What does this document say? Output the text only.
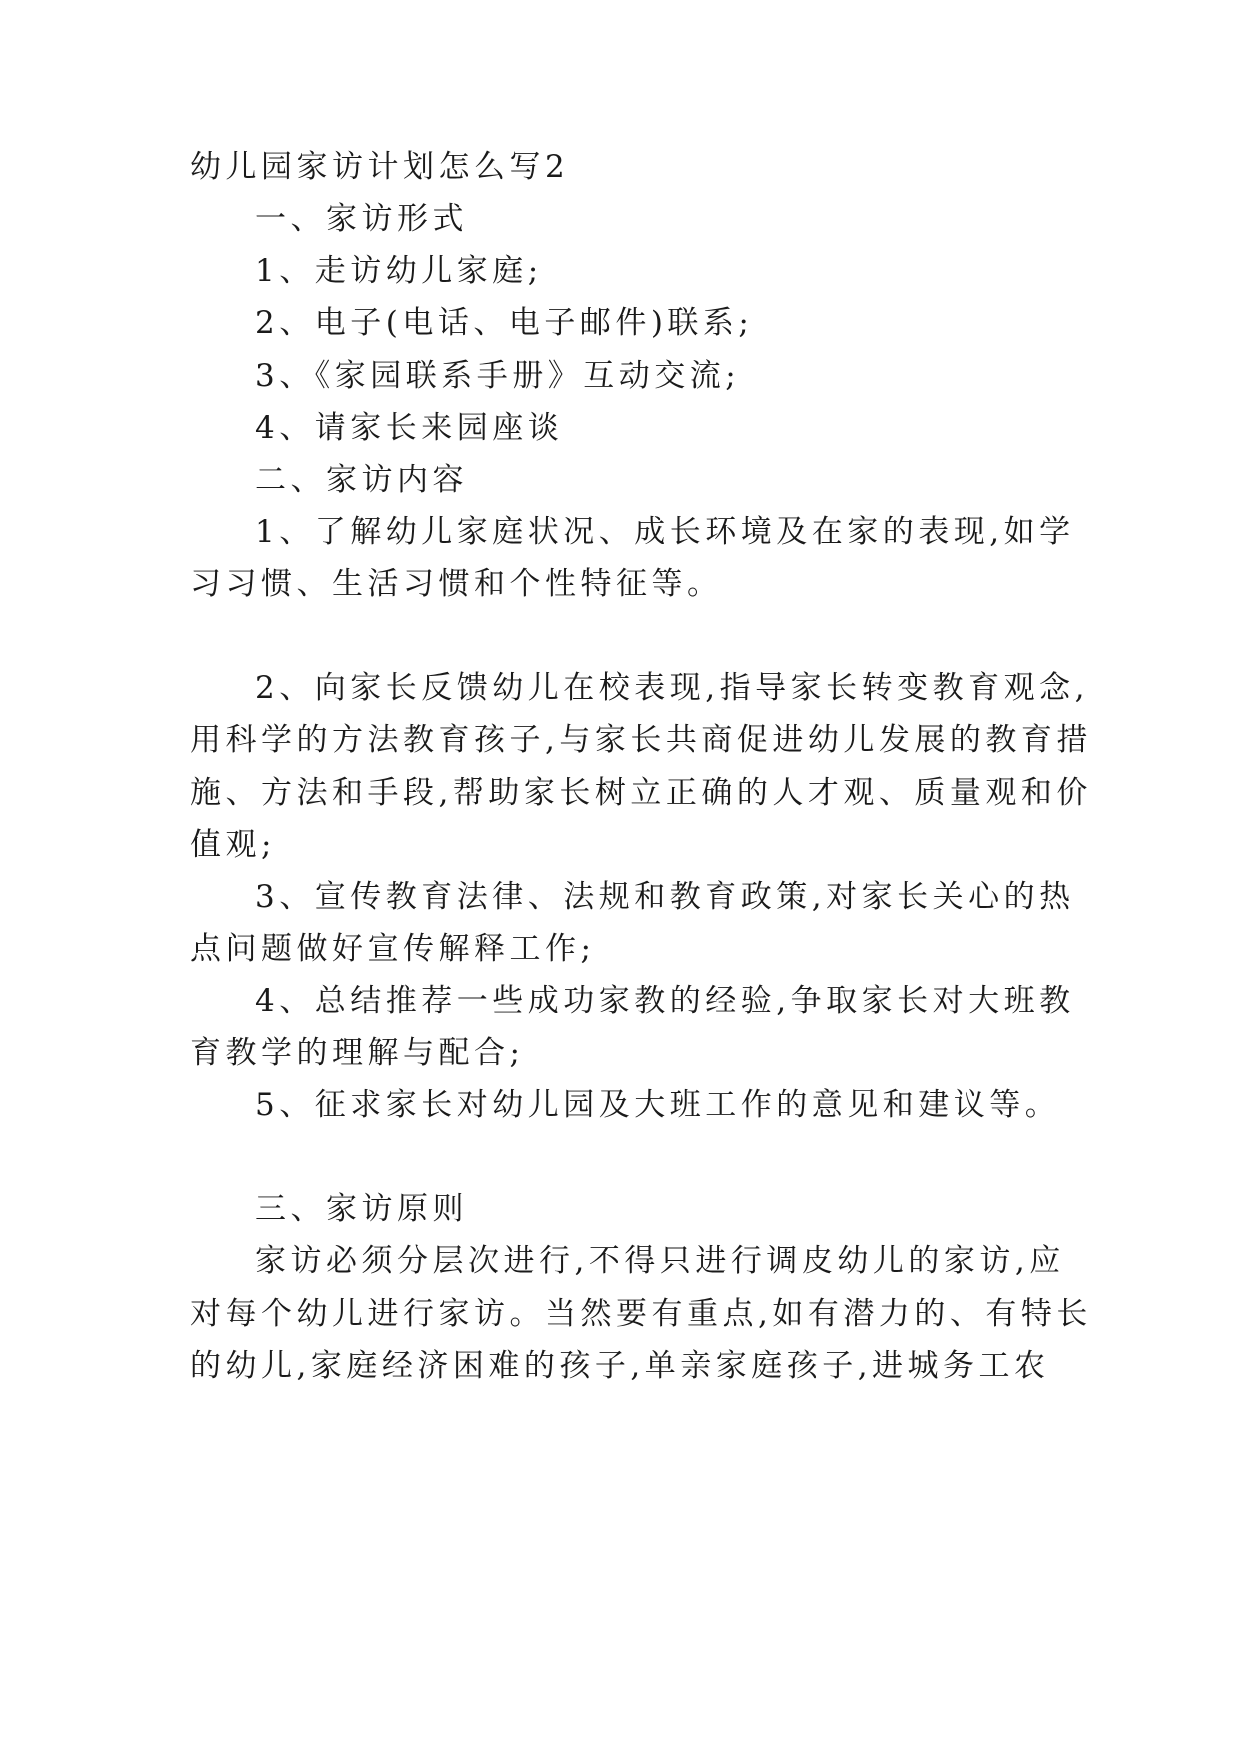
幼儿园家访计划怎么写2
一、家访形式
1、走访幼儿家庭;
2、电子(电话、电子邮件)联系;
3、《家园联系手册》互动交流;
4、请家长来园座谈
二、家访内容
1、了解幼儿家庭状况、成长环境及在家的表现,如学
习习惯、生活习惯和个性特征等。
2、向家长反馈幼儿在校表现,指导家长转变教育观念,
用科学的方法教育孩子,与家长共商促进幼儿发展的教育措
施、方法和手段,帮助家长树立正确的人才观、质量观和价
值观;
3、宣传教育法律、法规和教育政策,对家长关心的热
点问题做好宣传解释工作;
4、总结推荐一些成功家教的经验,争取家长对大班教
育教学的理解与配合;
5、征求家长对幼儿园及大班工作的意见和建议等。
三、家访原则
家访必须分层次进行,不得只进行调皮幼儿的家访,应
对每个幼儿进行家访。当然要有重点,如有潜力的、有特长
的幼儿,家庭经济困难的孩子,单亲家庭孩子,进城务工农
